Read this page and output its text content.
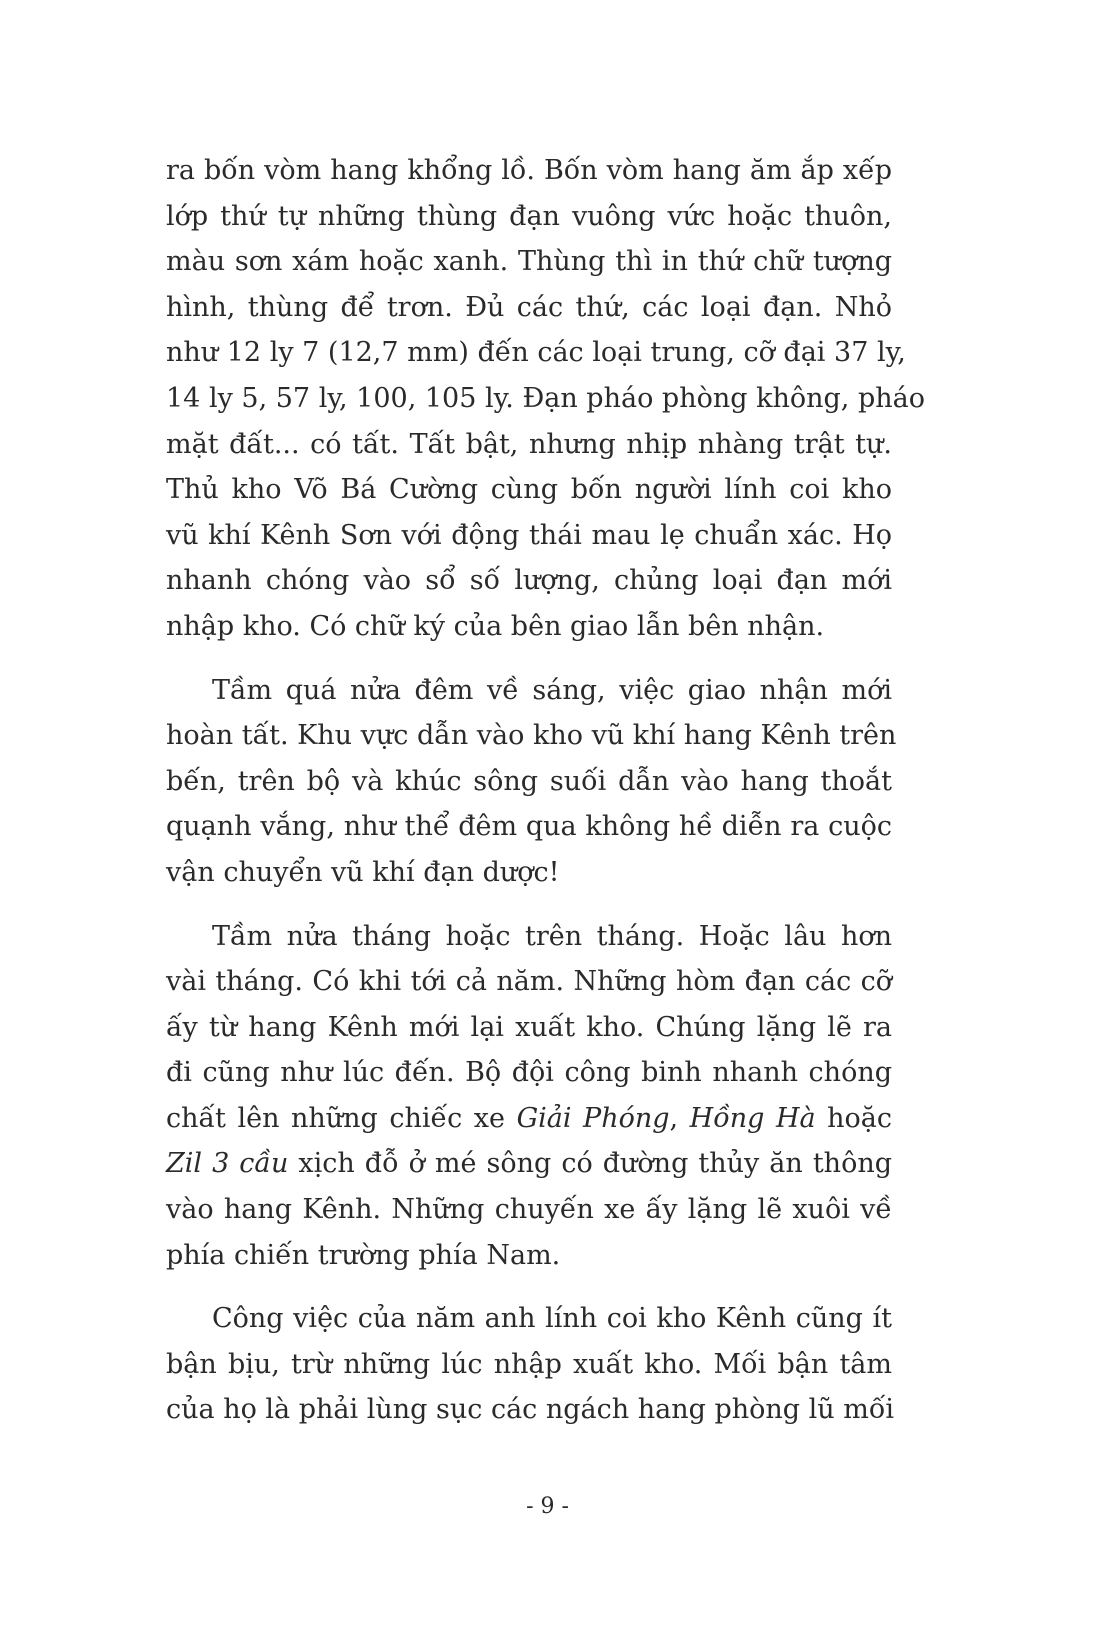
ra bốn vòm hang khổng lồ. Bốn vòm hang ăm ắp xếp
lớp thứ tự những thùng đạn vuông vức hoặc thuôn,
màu sơn xám hoặc xanh. Thùng thì in thứ chữ tượng
hình, thùng để trơn. Đủ các thứ, các loại đạn. Nhỏ
như 12 ly 7 (12,7 mm) đến các loại trung, cỡ đại 37 ly,
14 ly 5, 57 ly, 100, 105 ly. Đạn pháo phòng không, pháo
mặt đất... có tất. Tất bật, nhưng nhịp nhàng trật tự.
Thủ kho Võ Bá Cường cùng bốn người lính coi kho
vũ khí Kênh Sơn với động thái mau lẹ chuẩn xác. Họ
nhanh chóng vào sổ số lượng, chủng loại đạn mới
nhập kho. Có chữ ký của bên giao lẫn bên nhận.

Tầm quá nửa đêm về sáng, việc giao nhận mới
hoàn tất. Khu vực dẫn vào kho vũ khí hang Kênh trên
bến, trên bộ và khúc sông suối dẫn vào hang thoắt
quạnh vắng, như thể đêm qua không hề diễn ra cuộc
vận chuyển vũ khí đạn dược!

Tầm nửa tháng hoặc trên tháng. Hoặc lâu hơn
vài tháng. Có khi tới cả năm. Những hòm đạn các cỡ
ấy từ hang Kênh mới lại xuất kho. Chúng lặng lẽ ra
đi cũng như lúc đến. Bộ đội công binh nhanh chóng
chất lên những chiếc xe Giải Phóng, Hồng Hà hoặc
Zil 3 cầu xịch đỗ ở mé sông có đường thủy ăn thông
vào hang Kênh. Những chuyến xe ấy lặng lẽ xuôi về
phía chiến trường phía Nam.

Công việc của năm anh lính coi kho Kênh cũng ít
bận bịu, trừ những lúc nhập xuất kho. Mối bận tâm
của họ là phải lùng sục các ngách hang phòng lũ mối

- 9 -
